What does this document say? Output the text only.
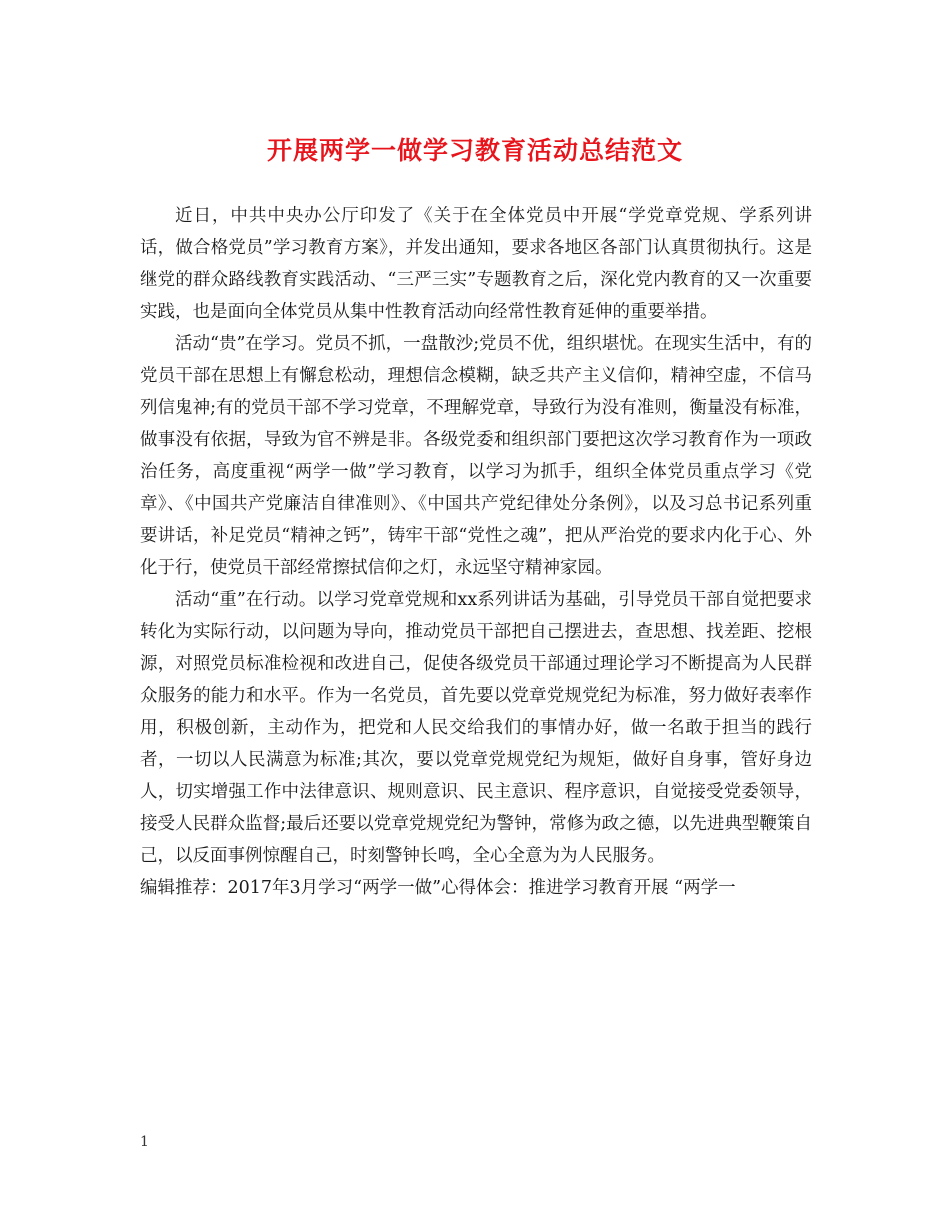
开展两学一做学习教育活动总结范文

近日，中共中央办公厅印发了《关于在全体党员中开展“学党章党规、学系列讲话，做合格党员”学习教育方案》，并发出通知，要求各地区各部门认真贯彻执行。这是继党的群众路线教育实践活动、“三严三实”专题教育之后，深化党内教育的又一次重要实践，也是面向全体党员从集中性教育活动向经常性教育延伸的重要举措。

活动“贵”在学习。党员不抓，一盘散沙;党员不优，组织堪忧。在现实生活中，有的党员干部在思想上有懈怠松动，理想信念模糊，缺乏共产主义信仰，精神空虚，不信马列信鬼神;有的党员干部不学习党章，不理解党章，导致行为没有准则，衡量没有标准，做事没有依据，导致为官不辨是非。各级党委和组织部门要把这次学习教育作为一项政治任务，高度重视“两学一做”学习教育，以学习为抓手，组织全体党员重点学习《党章》、《中国共产党廉洁自律准则》、《中国共产党纪律处分条例》，以及习总书记系列重要讲话，补足党员“精神之钙”，铸牢干部“党性之魂”，把从严治党的要求内化于心、外化于行，使党员干部经常擦拭信仰之灯，永远坚守精神家园。

活动“重”在行动。以学习党章党规和xx系列讲话为基础，引导党员干部自觉把要求转化为实际行动，以问题为导向，推动党员干部把自己摆进去，查思想、找差距、挖根源，对照党员标准检视和改进自己，促使各级党员干部通过理论学习不断提高为人民群众服务的能力和水平。作为一名党员，首先要以党章党规党纪为标准，努力做好表率作用，积极创新，主动作为，把党和人民交给我们的事情办好，做一名敢于担当的践行者，一切以人民满意为标准;其次，要以党章党规党纪为规矩，做好自身事，管好身边人，切实增强工作中法律意识、规则意识、民主意识、程序意识，自觉接受党委领导，接受人民群众监督;最后还要以党章党规党纪为警钟，常修为政之德，以先进典型鞭策自己，以反面事例惊醒自己，时刻警钟长鸣，全心全意为为人民服务。

编辑推荐：2017年3月学习“两学一做”心得体会：推进学习教育开展 “两学一

1
